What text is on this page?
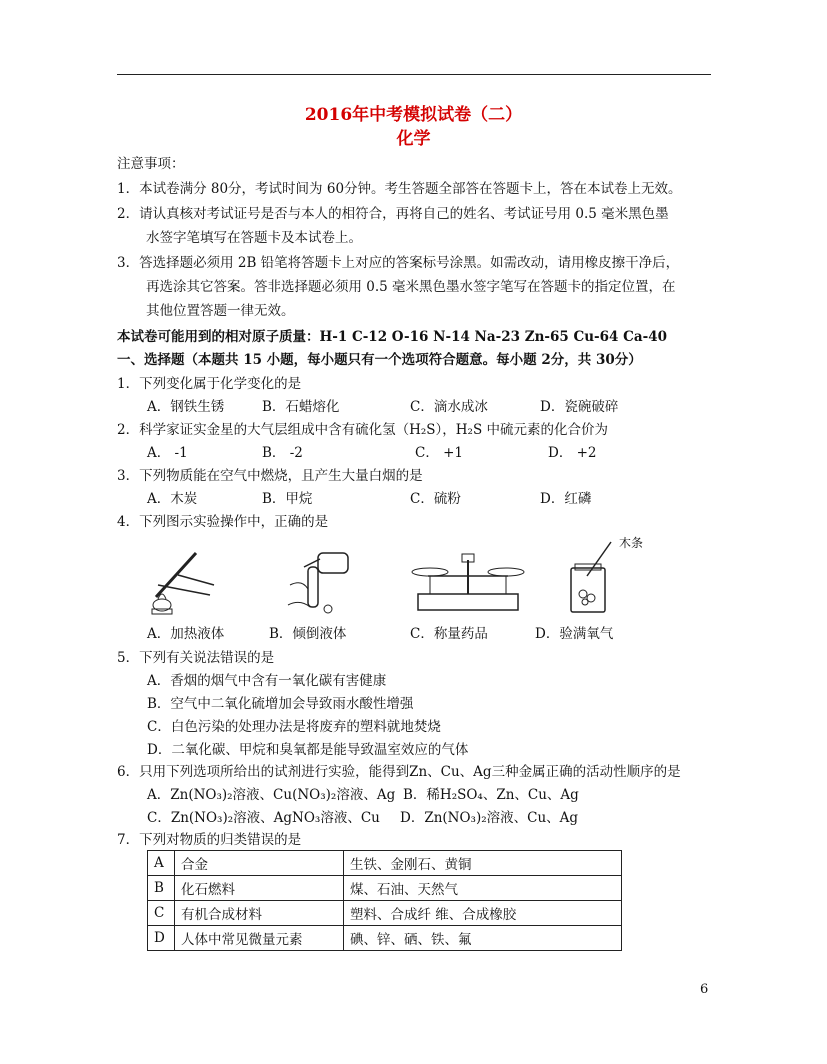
2016年中考模拟试卷（二）
化学
注意事项：
1．本试卷满分 80分，考试时间为 60分钟。考生答题全部答在答题卡上，答在本试卷上无效。
2．请认真核对考试证号是否与本人的相符合，再将自己的姓名、考试证号用 0.5 毫米黑色墨
水签字笔填写在答题卡及本试卷上。
3．答选择题必须用 2B 铅笔将答题卡上对应的答案标号涂黑。如需改动，请用橡皮擦干净后，
再选涂其它答案。答非选择题必须用 0.5 毫米黑色墨水签字笔写在答题卡的指定位置，在
其他位置答题一律无效。
本试卷可能用到的相对原子质量：H-1 C-12 O-16 N-14 Na-23 Zn-65 Cu-64 Ca-40
一、选择题（本题共 15 小题，每小题只有一个选项符合题意。每小题 2分，共 30分）
1．下列变化属于化学变化的是
A．钢铁生锈	B．石蜡熔化	C．滴水成冰	D．瓷碗破碎
2．科学家证实金星的大气层组成中含有硫化氢（H₂S），H₂S 中硫元素的化合价为
A． -1	B． -2	C． +1	D． +2
3．下列物质能在空气中燃烧，且产生大量白烟的是
A．木炭	B．甲烷	C．硫粉	D．红磷
4．下列图示实验操作中，正确的是
木条
A．加热液体	B．倾倒液体	C．称量药品	D．验满氧气
5．下列有关说法错误的是
A．香烟的烟气中含有一氧化碳有害健康
B．空气中二氧化硫增加会导致雨水酸性增强
C．白色污染的处理办法是将废弃的塑料就地焚烧
D．二氧化碳、甲烷和臭氧都是能导致温室效应的气体
6．只用下列选项所给出的试剂进行实验，能得到Zn、Cu、Ag三种金属正确的活动性顺序的是
A．Zn(NO₃)₂溶液、Cu(NO₃)₂溶液、Ag B．稀H₂SO₄、Zn、Cu、Ag
C．Zn(NO₃)₂溶液、AgNO₃溶液、Cu D．Zn(NO₃)₂溶液、Cu、Ag
7．下列对物质的归类错误的是
A	合金	生铁、金刚石、黄铜
B	化石燃料	煤、石油、天然气
C	有机合成材料	塑料、合成纤 维、合成橡胶
D	人体中常见微量元素	碘、锌、硒、铁、氟
6
